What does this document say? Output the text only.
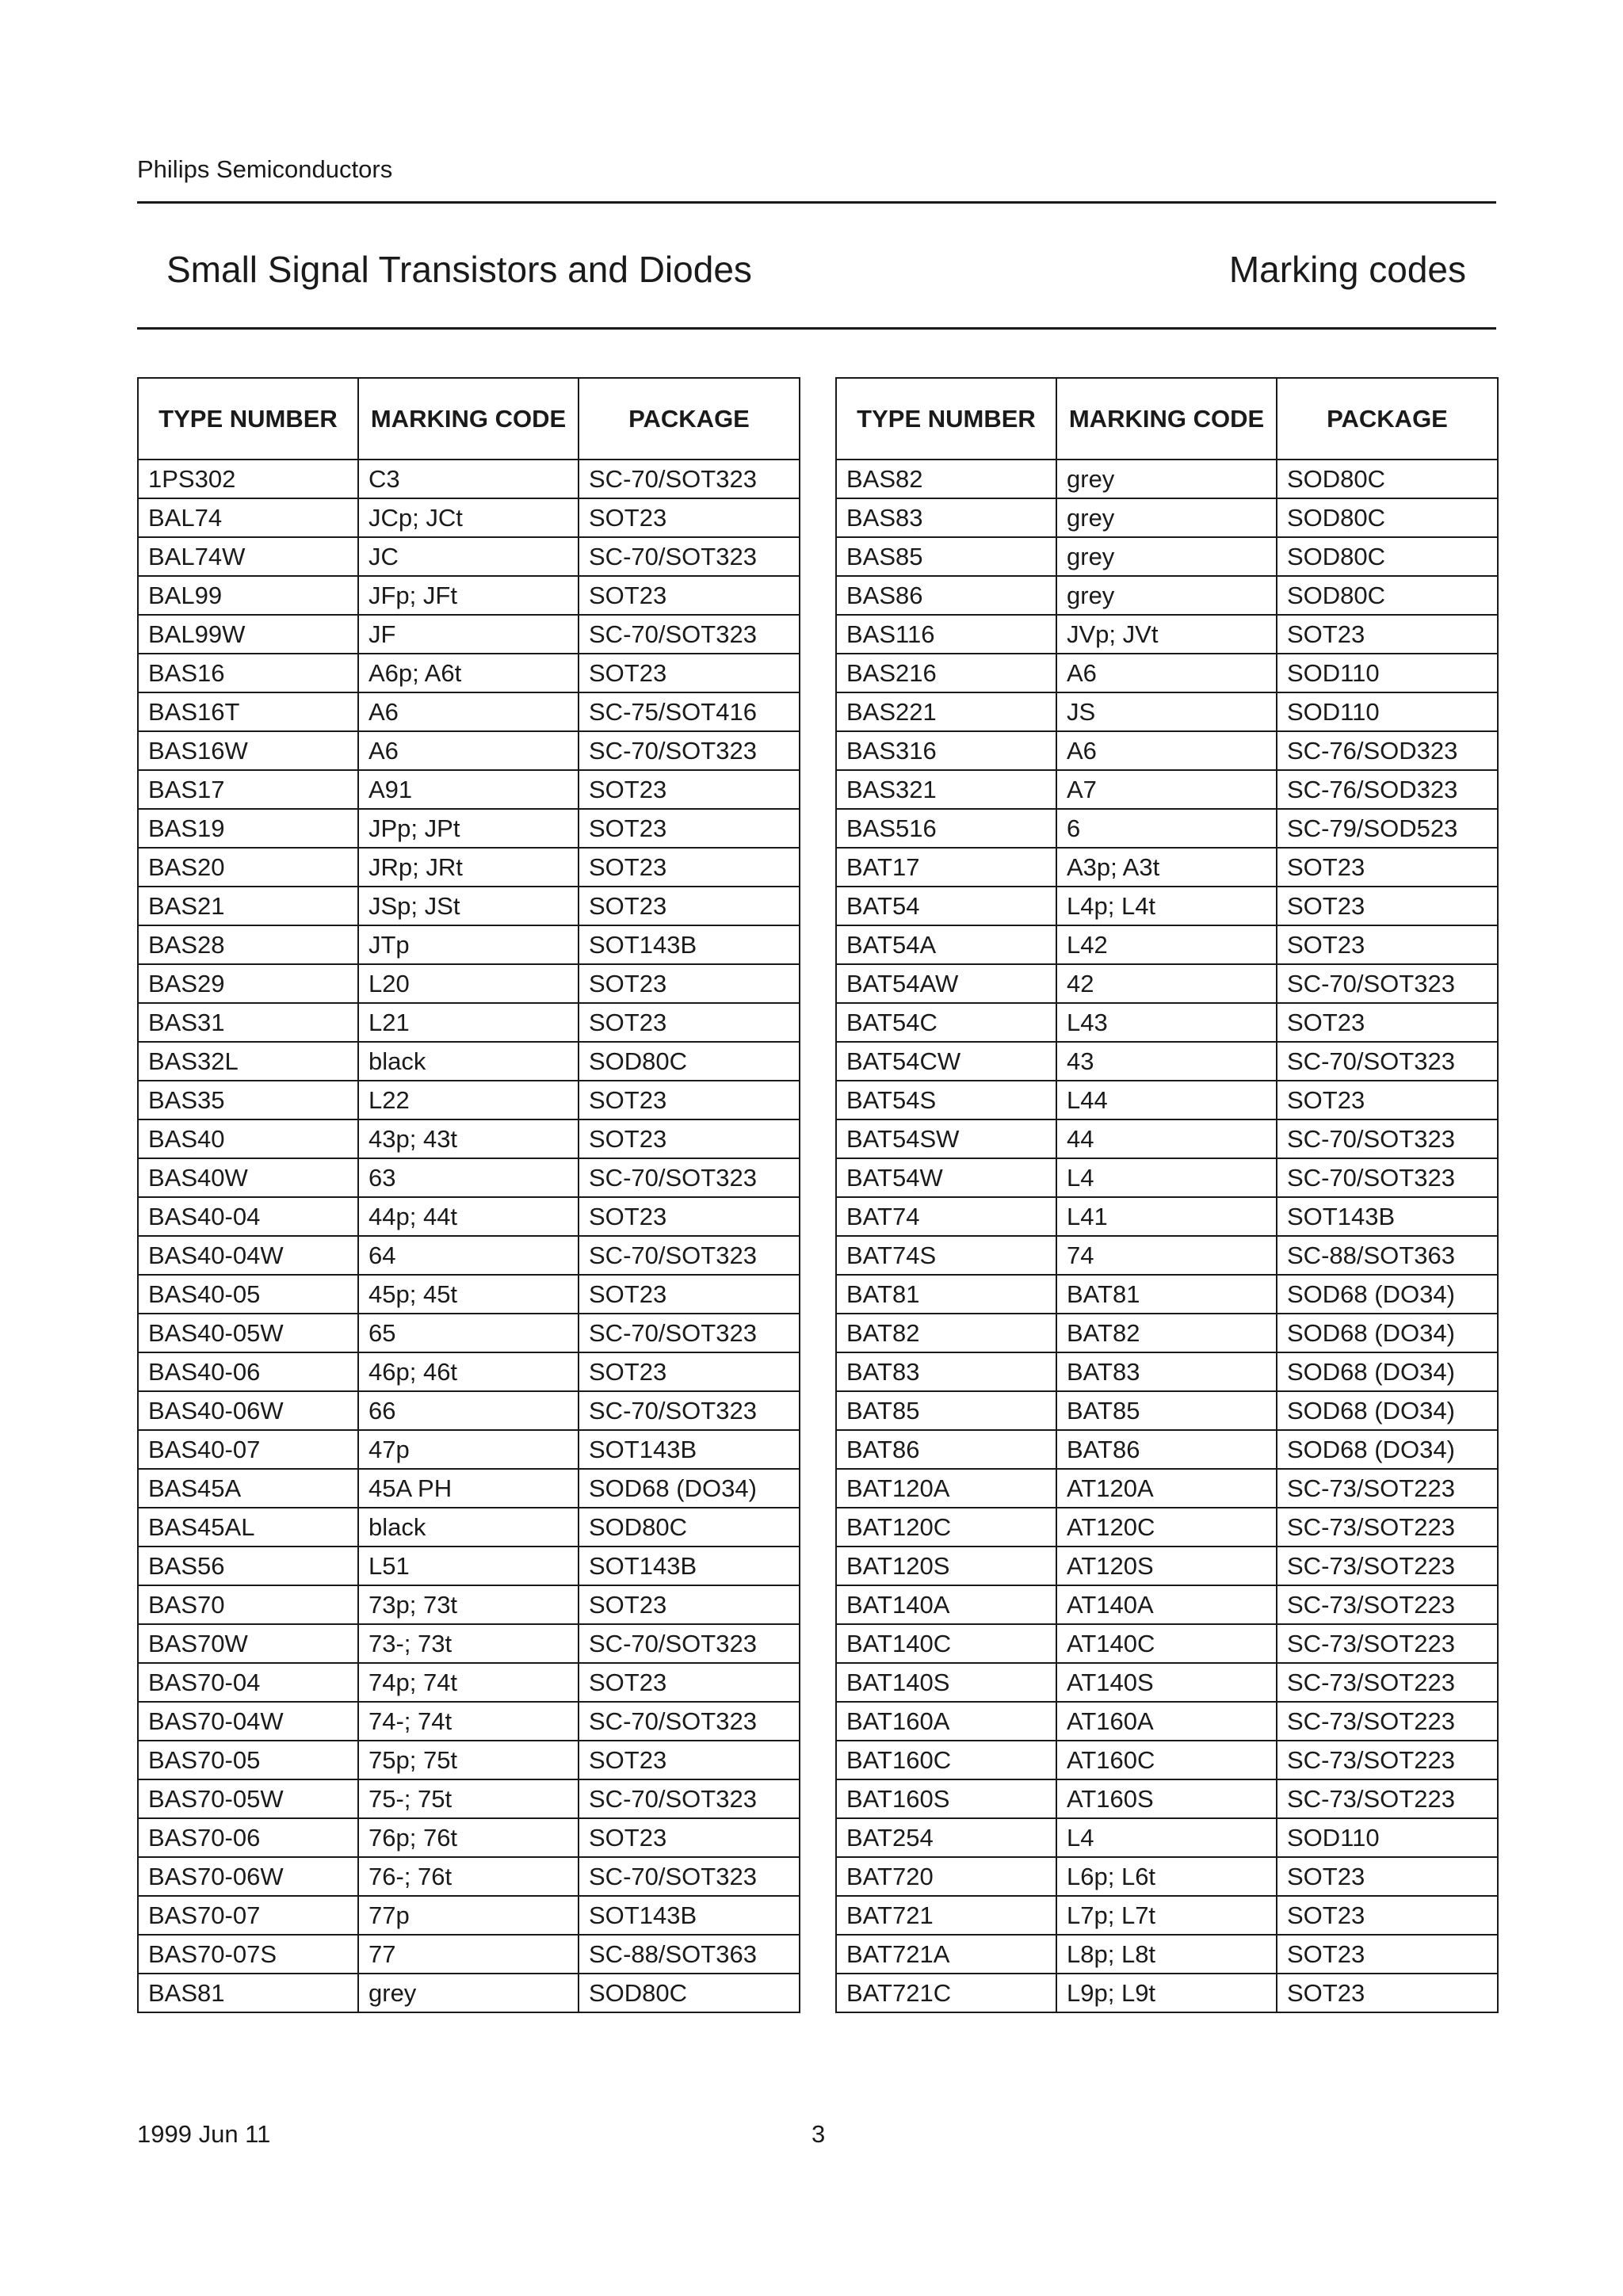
Philips Semiconductors
Small Signal Transistors and Diodes	Marking codes
TYPE NUMBER	MARKING CODE	PACKAGE
1PS302	C3	SC-70/SOT323
BAL74	JCp; JCt	SOT23
BAL74W	JC	SC-70/SOT323
BAL99	JFp; JFt	SOT23
BAL99W	JF	SC-70/SOT323
BAS16	A6p; A6t	SOT23
BAS16T	A6	SC-75/SOT416
BAS16W	A6	SC-70/SOT323
BAS17	A91	SOT23
BAS19	JPp; JPt	SOT23
BAS20	JRp; JRt	SOT23
BAS21	JSp; JSt	SOT23
BAS28	JTp	SOT143B
BAS29	L20	SOT23
BAS31	L21	SOT23
BAS32L	black	SOD80C
BAS35	L22	SOT23
BAS40	43p; 43t	SOT23
BAS40W	63	SC-70/SOT323
BAS40-04	44p; 44t	SOT23
BAS40-04W	64	SC-70/SOT323
BAS40-05	45p; 45t	SOT23
BAS40-05W	65	SC-70/SOT323
BAS40-06	46p; 46t	SOT23
BAS40-06W	66	SC-70/SOT323
BAS40-07	47p	SOT143B
BAS45A	45A PH	SOD68 (DO34)
BAS45AL	black	SOD80C
BAS56	L51	SOT143B
BAS70	73p; 73t	SOT23
BAS70W	73-; 73t	SC-70/SOT323
BAS70-04	74p; 74t	SOT23
BAS70-04W	74-; 74t	SC-70/SOT323
BAS70-05	75p; 75t	SOT23
BAS70-05W	75-; 75t	SC-70/SOT323
BAS70-06	76p; 76t	SOT23
BAS70-06W	76-; 76t	SC-70/SOT323
BAS70-07	77p	SOT143B
BAS70-07S	77	SC-88/SOT363
BAS81	grey	SOD80C
TYPE NUMBER	MARKING CODE	PACKAGE
BAS82	grey	SOD80C
BAS83	grey	SOD80C
BAS85	grey	SOD80C
BAS86	grey	SOD80C
BAS116	JVp; JVt	SOT23
BAS216	A6	SOD110
BAS221	JS	SOD110
BAS316	A6	SC-76/SOD323
BAS321	A7	SC-76/SOD323
BAS516	6	SC-79/SOD523
BAT17	A3p; A3t	SOT23
BAT54	L4p; L4t	SOT23
BAT54A	L42	SOT23
BAT54AW	42	SC-70/SOT323
BAT54C	L43	SOT23
BAT54CW	43	SC-70/SOT323
BAT54S	L44	SOT23
BAT54SW	44	SC-70/SOT323
BAT54W	L4	SC-70/SOT323
BAT74	L41	SOT143B
BAT74S	74	SC-88/SOT363
BAT81	BAT81	SOD68 (DO34)
BAT82	BAT82	SOD68 (DO34)
BAT83	BAT83	SOD68 (DO34)
BAT85	BAT85	SOD68 (DO34)
BAT86	BAT86	SOD68 (DO34)
BAT120A	AT120A	SC-73/SOT223
BAT120C	AT120C	SC-73/SOT223
BAT120S	AT120S	SC-73/SOT223
BAT140A	AT140A	SC-73/SOT223
BAT140C	AT140C	SC-73/SOT223
BAT140S	AT140S	SC-73/SOT223
BAT160A	AT160A	SC-73/SOT223
BAT160C	AT160C	SC-73/SOT223
BAT160S	AT160S	SC-73/SOT223
BAT254	L4	SOD110
BAT720	L6p; L6t	SOT23
BAT721	L7p; L7t	SOT23
BAT721A	L8p; L8t	SOT23
BAT721C	L9p; L9t	SOT23
1999 Jun 11	3
